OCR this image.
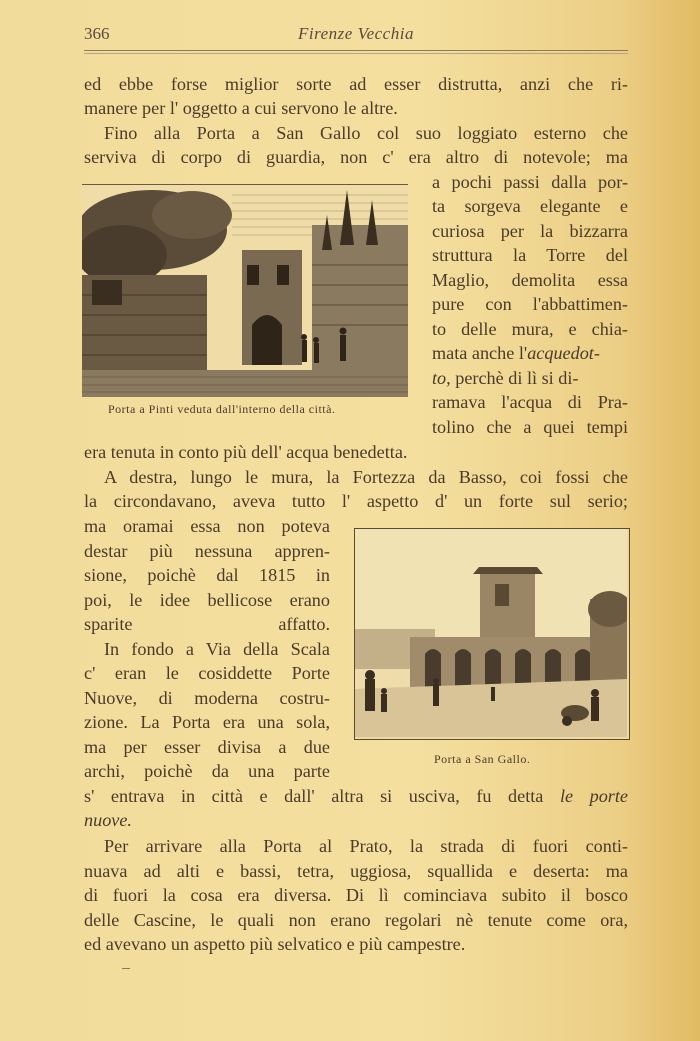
366	Firenze Vecchia
ed ebbe forse miglior sorte ad esser distrutta, anzi che ri-
manere per l' oggetto a cui servono le altre.
Fino alla Porta a San Gallo col suo loggiato esterno che
serviva di corpo di guardia, non c' era altro di notevole; ma
a pochi passi dalla por-
ta sorgeva elegante e
curiosa per la bizzarra
struttura la Torre del
Maglio, demolita essa
pure con l'abbattimen-
to delle mura, e chia-
mata anche l'acquedot-
to, perchè di lì si di-
ramava l'acqua di Pra-
tolino che a quei tempi
era tenuta in conto più dell' acqua benedetta.
A destra, lungo le mura, la Fortezza da Basso, coi fossi che
la circondavano, aveva tutto l' aspetto d' un forte sul serio;
ma oramai essa non poteva
destar più nessuna appren-
sione, poichè dal 1815 in
poi, le idee bellicose erano
sparite affatto.
In fondo a Via della Scala
c' eran le cosiddette Porte
Nuove, di moderna costru-
zione. La Porta era una sola,
ma per esser divisa a due
archi, poichè da una parte
s' entrava in città e dall' altra si usciva, fu detta le porte
nuove.
Per arrivare alla Porta al Prato, la strada di fuori conti-
nuava ad alti e bassi, tetra, uggiosa, squallida e deserta: ma
di fuori la cosa era diversa. Di lì cominciava subito il bosco
delle Cascine, le quali non erano regolari nè tenute come ora,
ed avevano un aspetto più selvatico e più campestre.
Porta a Pinti veduta dall'interno della città.
Porta a San Gallo.
